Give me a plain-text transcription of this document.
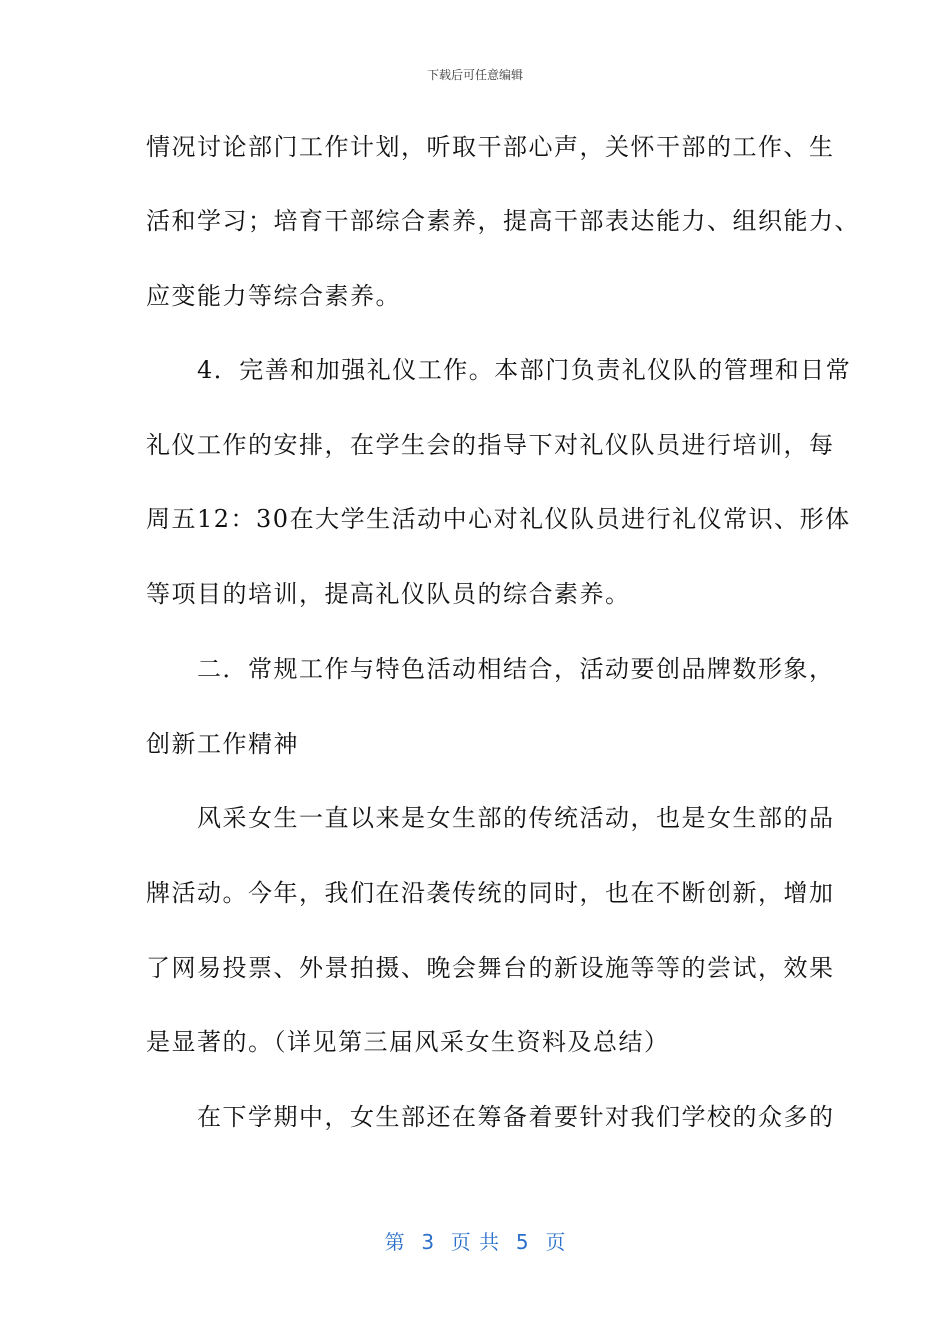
下载后可任意编辑
情况讨论部门工作计划，听取干部心声，关怀干部的工作、生
活和学习；培育干部综合素养，提高干部表达能力、组织能力、
应变能力等综合素养。
　　4．完善和加强礼仪工作。本部门负责礼仪队的管理和日常
礼仪工作的安排，在学生会的指导下对礼仪队员进行培训，每
周五12：30在大学生活动中心对礼仪队员进行礼仪常识、形体
等项目的培训，提高礼仪队员的综合素养。
　　二．常规工作与特色活动相结合，活动要创品牌数形象，
创新工作精神
　　风采女生一直以来是女生部的传统活动，也是女生部的品
牌活动。今年，我们在沿袭传统的同时，也在不断创新，增加
了网易投票、外景拍摄、晚会舞台的新设施等等的尝试，效果
是显著的。（详见第三届风采女生资料及总结）
　　在下学期中，女生部还在筹备着要针对我们学校的众多的
第  3  页 共  5  页
